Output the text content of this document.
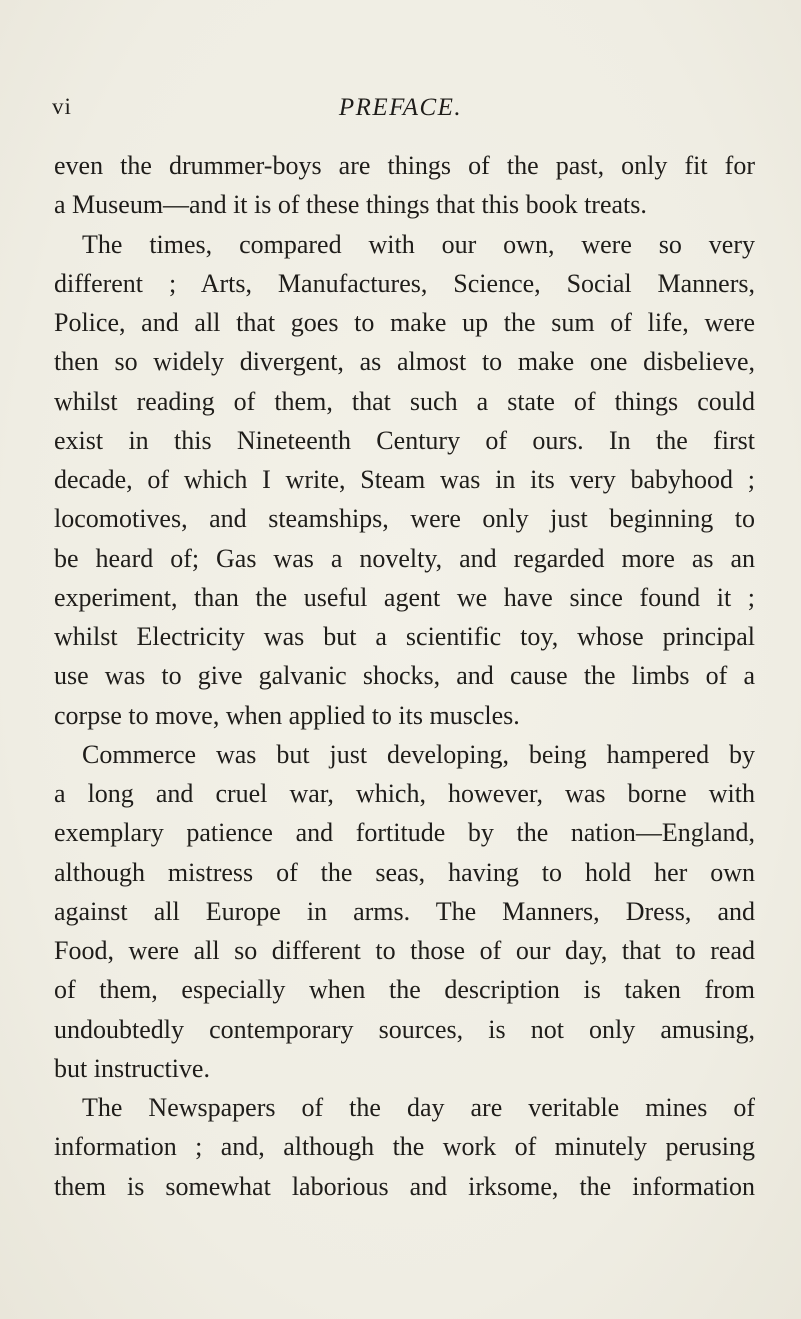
vi	PREFACE.
even the drummer-boys are things of the past, only fit for
a Museum—and it is of these things that this book treats.
The times, compared with our own, were so very
different ; Arts, Manufactures, Science, Social Manners,
Police, and all that goes to make up the sum of life, were
then so widely divergent, as almost to make one disbelieve,
whilst reading of them, that such a state of things could
exist in this Nineteenth Century of ours. In the first
decade, of which I write, Steam was in its very babyhood ;
locomotives, and steamships, were only just beginning to
be heard of; Gas was a novelty, and regarded more as an
experiment, than the useful agent we have since found it ;
whilst Electricity was but a scientific toy, whose principal
use was to give galvanic shocks, and cause the limbs of a
corpse to move, when applied to its muscles.
Commerce was but just developing, being hampered by
a long and cruel war, which, however, was borne with
exemplary patience and fortitude by the nation—England,
although mistress of the seas, having to hold her own
against all Europe in arms. The Manners, Dress, and
Food, were all so different to those of our day, that to read
of them, especially when the description is taken from
undoubtedly contemporary sources, is not only amusing,
but instructive.
The Newspapers of the day are veritable mines of
information ; and, although the work of minutely perusing
them is somewhat laborious and irksome, the information
